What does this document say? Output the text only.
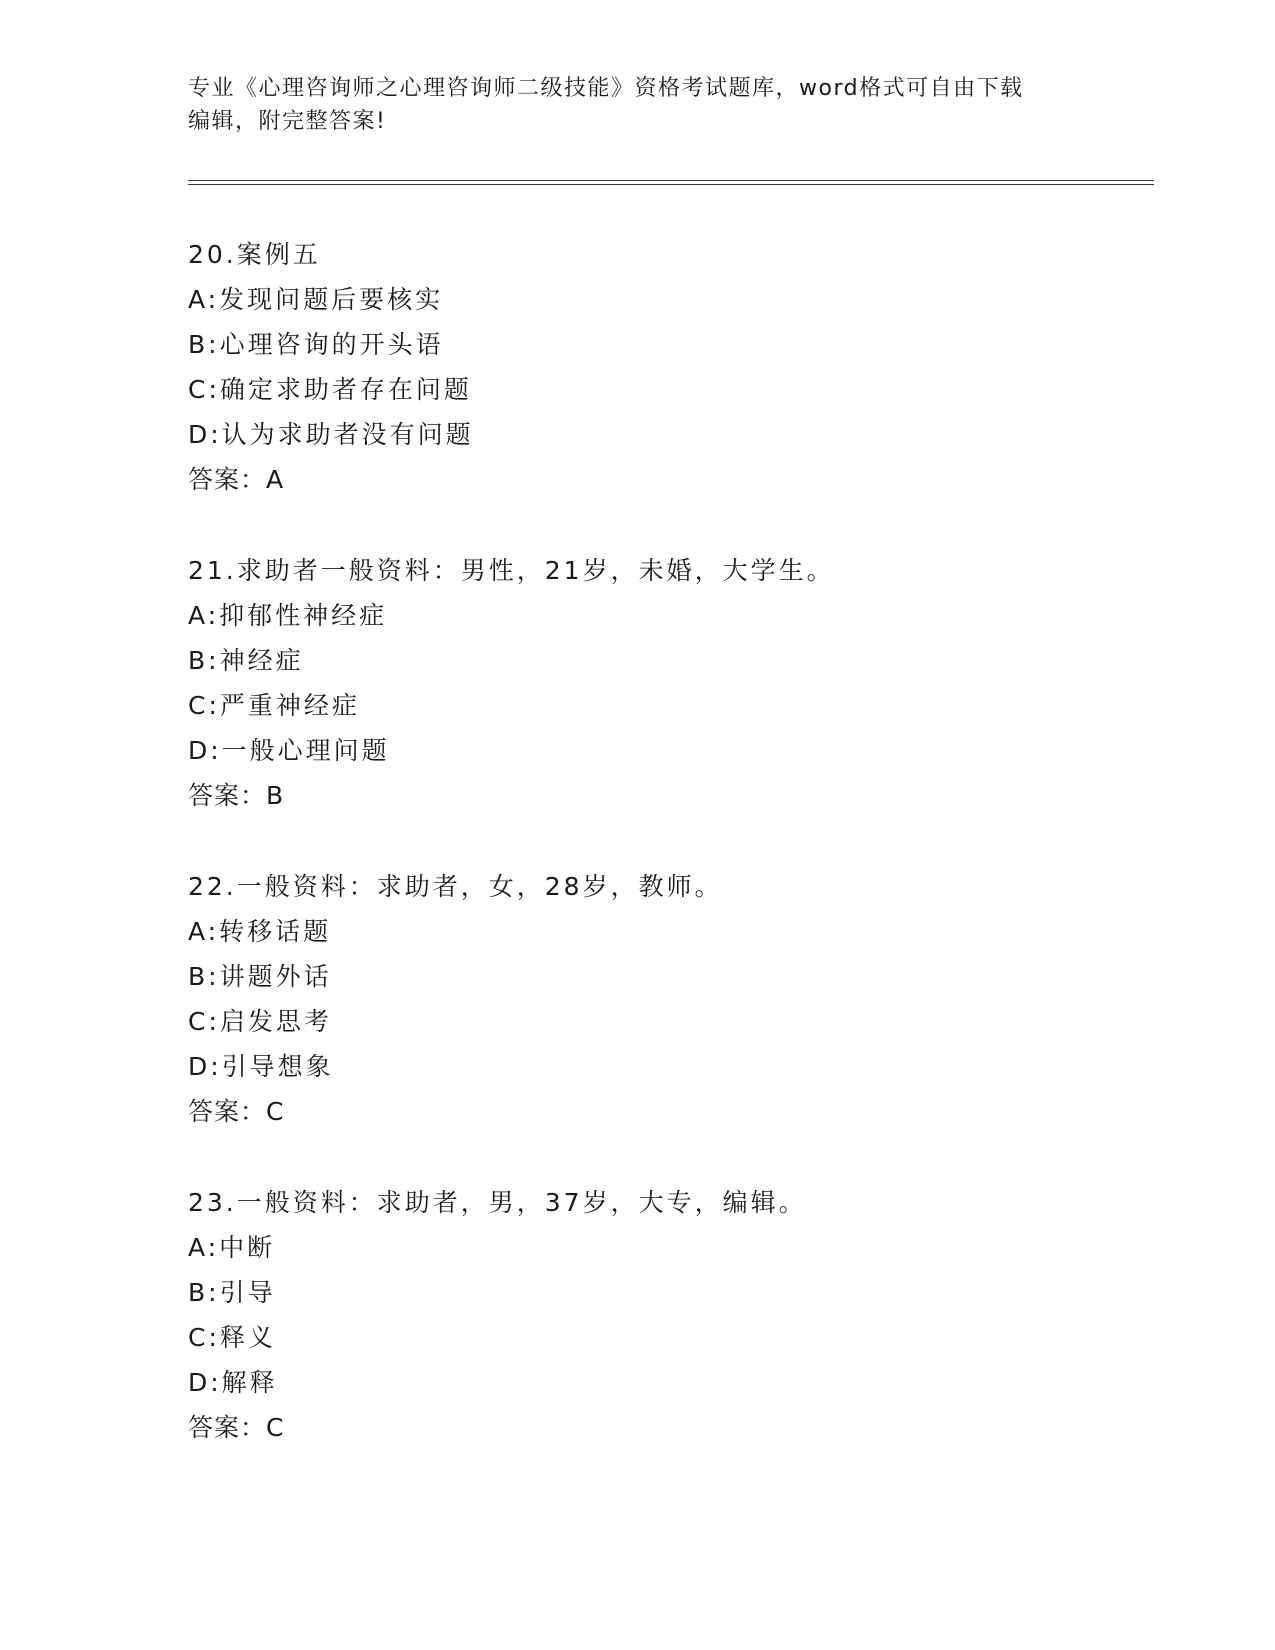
专业《心理咨询师之心理咨询师二级技能》资格考试题库，word格式可自由下载
编辑，附完整答案!
20.案例五
A:发现问题后要核实
B:心理咨询的开头语
C:确定求助者存在问题
D:认为求助者没有问题
答案：A
21.求助者一般资料：男性，21岁，未婚，大学生。
A:抑郁性神经症
B:神经症
C:严重神经症
D:一般心理问题
答案：B
22.一般资料：求助者，女，28岁，教师。
A:转移话题
B:讲题外话
C:启发思考
D:引导想象
答案：C
23.一般资料：求助者，男，37岁，大专，编辑。
A:中断
B:引导
C:释义
D:解释
答案：C
